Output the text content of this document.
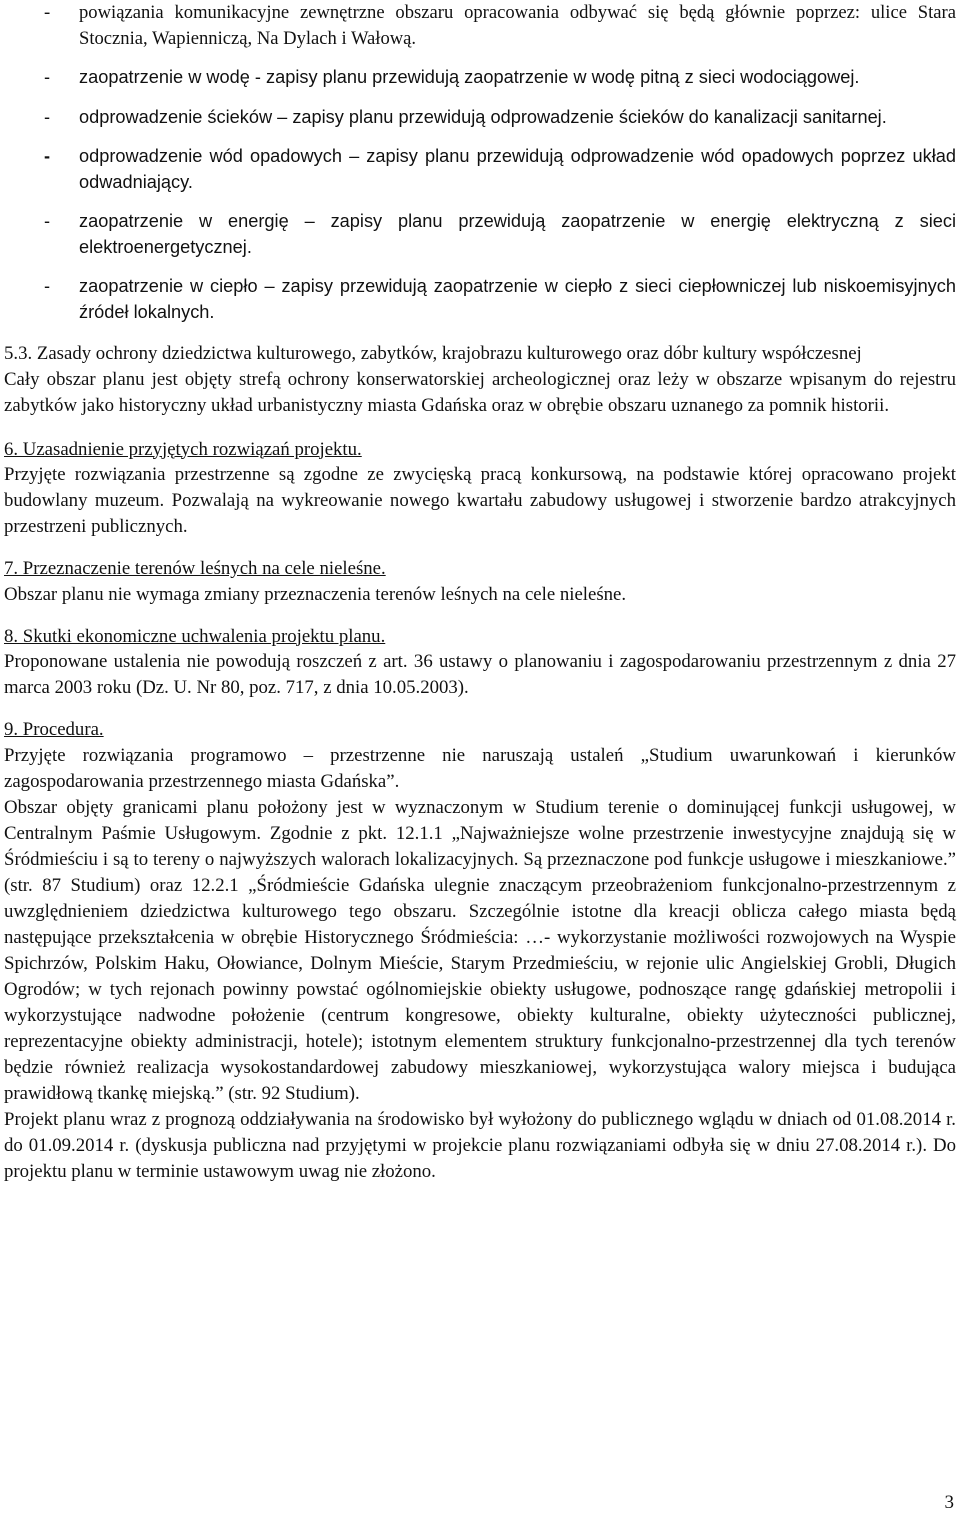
- powiązania komunikacyjne zewnętrzne obszaru opracowania odbywać się będą głównie poprzez: ulice Stara Stocznia, Wapienniczą, Na Dylach i Wałową.
- zaopatrzenie w wodę - zapisy planu przewidują zaopatrzenie w wodę pitną z sieci wodociągowej.
- odprowadzenie ścieków – zapisy planu przewidują odprowadzenie ścieków do kanalizacji sanitarnej.
- odprowadzenie wód opadowych – zapisy planu przewidują odprowadzenie wód opadowych poprzez układ odwadniający.
- zaopatrzenie w energię – zapisy planu przewidują zaopatrzenie w energię elektryczną z sieci elektroenergetycznej.
- zaopatrzenie w ciepło – zapisy przewidują zaopatrzenie w ciepło z sieci ciepłowniczej lub niskoemisyjnych źródeł lokalnych.

5.3. Zasady ochrony dziedzictwa kulturowego, zabytków, krajobrazu kulturowego oraz dóbr kultury współczesnej

Cały obszar planu jest objęty strefą ochrony konserwatorskiej archeologicznej oraz leży w obszarze wpisanym do rejestru zabytków jako historyczny układ urbanistyczny miasta Gdańska oraz w obrębie obszaru uznanego za pomnik historii.

6. Uzasadnienie przyjętych rozwiązań projektu.

Przyjęte rozwiązania przestrzenne są zgodne ze zwycięską pracą konkursową, na podstawie której opracowano projekt budowlany muzeum. Pozwalają na wykreowanie nowego kwartału zabudowy usługowej i stworzenie bardzo atrakcyjnych przestrzeni publicznych.

7. Przeznaczenie terenów leśnych na cele nieleśne.

Obszar planu nie wymaga zmiany przeznaczenia terenów leśnych na cele nieleśne.

8. Skutki ekonomiczne uchwalenia projektu planu.

Proponowane ustalenia nie powodują roszczeń z art. 36 ustawy o planowaniu i zagospodarowaniu przestrzennym z dnia 27 marca 2003 roku (Dz. U. Nr 80, poz. 717, z dnia 10.05.2003).

9. Procedura.

Przyjęte rozwiązania programowo – przestrzenne nie naruszają ustaleń „Studium uwarunkowań i kierunków zagospodarowania przestrzennego miasta Gdańska”.

Obszar objęty granicami planu położony jest w wyznaczonym w Studium terenie o dominującej funkcji usługowej, w Centralnym Paśmie Usługowym. Zgodnie z pkt. 12.1.1 „Najważniejsze wolne przestrzenie inwestycyjne znajdują się w Śródmieściu i są to tereny o najwyższych walorach lokalizacyjnych. Są przeznaczone pod funkcje usługowe i mieszkaniowe.” (str. 87 Studium) oraz 12.2.1 „Śródmieście Gdańska ulegnie znaczącym przeobrażeniom funkcjonalno-przestrzennym z uwzględnieniem dziedzictwa kulturowego tego obszaru. Szczególnie istotne dla kreacji oblicza całego miasta będą następujące przekształcenia w obrębie Historycznego Śródmieścia: …- wykorzystanie możliwości rozwojowych na Wyspie Spichrzów, Polskim Haku, Ołowiance, Dolnym Mieście, Starym Przedmieściu, w rejonie ulic Angielskiej Grobli, Długich Ogrodów; w tych rejonach powinny powstać ogólnomiejskie obiekty usługowe, podnoszące rangę gdańskiej metropolii i wykorzystujące nadwodne położenie (centrum kongresowe, obiekty kulturalne, obiekty użyteczności publicznej, reprezentacyjne obiekty administracji, hotele); istotnym elementem struktury funkcjonalno-przestrzennej dla tych terenów będzie również realizacja wysokostandardowej zabudowy mieszkaniowej, wykorzystująca walory miejsca i budująca prawidłową tkankę miejską.” (str. 92 Studium).

Projekt planu wraz z prognozą oddziaływania na środowisko był wyłożony do publicznego wglądu w dniach od 01.08.2014 r. do 01.09.2014 r. (dyskusja publiczna nad przyjętymi w projekcie planu rozwiązaniami odbyła się w dniu 27.08.2014 r.). Do projektu planu w terminie ustawowym uwag nie złożono.

3
